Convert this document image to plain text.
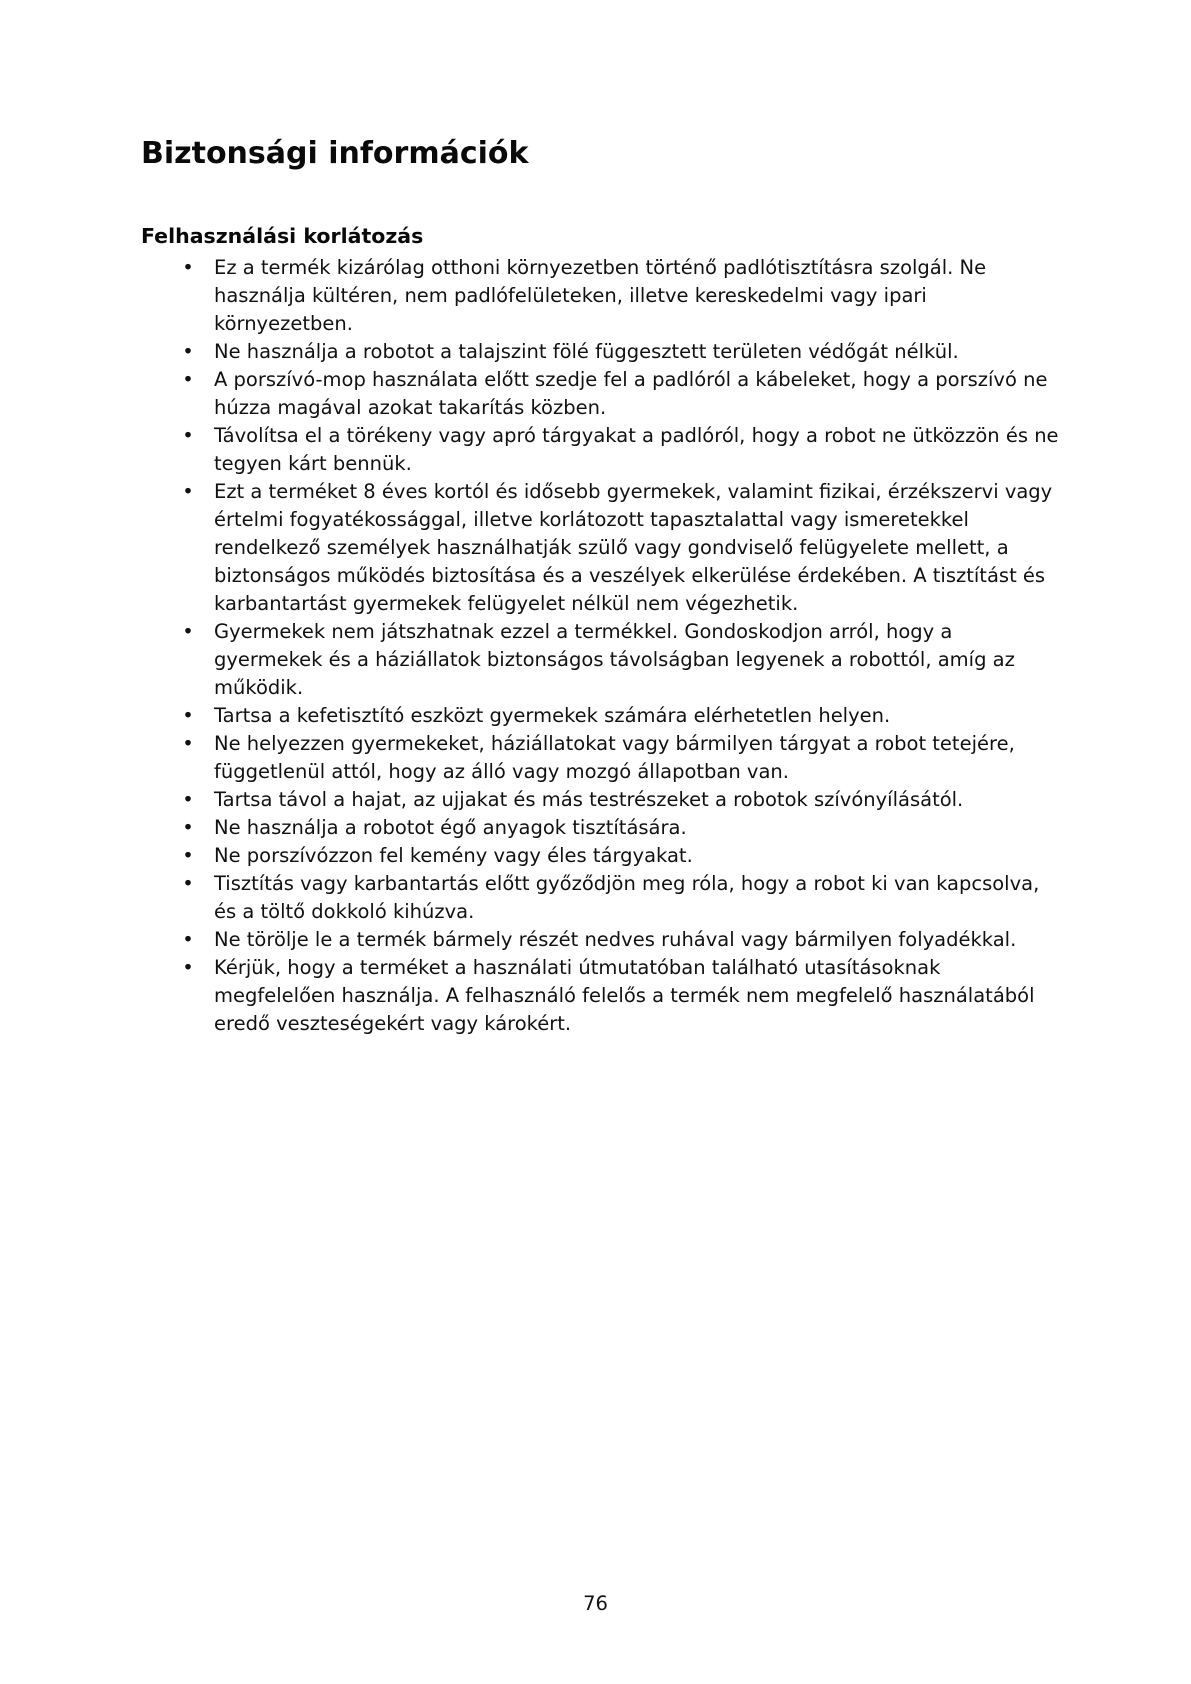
Biztonsági információk
Felhasználási korlátozás
• Ez a termék kizárólag otthoni környezetben történő padlótisztításra szolgál. Ne használja kültéren, nem padlófelületeken, illetve kereskedelmi vagy ipari környezetben.
• Ne használja a robotot a talajszint fölé függesztett területen védőgát nélkül.
• A porszívó-mop használata előtt szedje fel a padlóról a kábeleket, hogy a porszívó ne húzza magával azokat takarítás közben.
• Távolítsa el a törékeny vagy apró tárgyakat a padlóról, hogy a robot ne ütközzön és ne tegyen kárt bennük.
• Ezt a terméket 8 éves kortól és idősebb gyermekek, valamint fizikai, érzékszervi vagy értelmi fogyatékossággal, illetve korlátozott tapasztalattal vagy ismeretekkel rendelkező személyek használhatják szülő vagy gondviselő felügyelete mellett, a biztonságos működés biztosítása és a veszélyek elkerülése érdekében. A tisztítást és karbantartást gyermekek felügyelet nélkül nem végezhetik.
• Gyermekek nem játszhatnak ezzel a termékkel. Gondoskodjon arról, hogy a gyermekek és a háziállatok biztonságos távolságban legyenek a robottól, amíg az működik.
• Tartsa a kefetisztító eszközt gyermekek számára elérhetetlen helyen.
• Ne helyezzen gyermekeket, háziállatokat vagy bármilyen tárgyat a robot tetejére, függetlenül attól, hogy az álló vagy mozgó állapotban van.
• Tartsa távol a hajat, az ujjakat és más testrészeket a robotok szívónyílásától.
• Ne használja a robotot égő anyagok tisztítására.
• Ne porszívózzon fel kemény vagy éles tárgyakat.
• Tisztítás vagy karbantartás előtt győződjön meg róla, hogy a robot ki van kapcsolva, és a töltő dokkoló kihúzva.
• Ne törölje le a termék bármely részét nedves ruhával vagy bármilyen folyadékkal.
• Kérjük, hogy a terméket a használati útmutatóban található utasításoknak megfelelően használja. A felhasználó felelős a termék nem megfelelő használatából eredő veszteségekért vagy károkért.
76
